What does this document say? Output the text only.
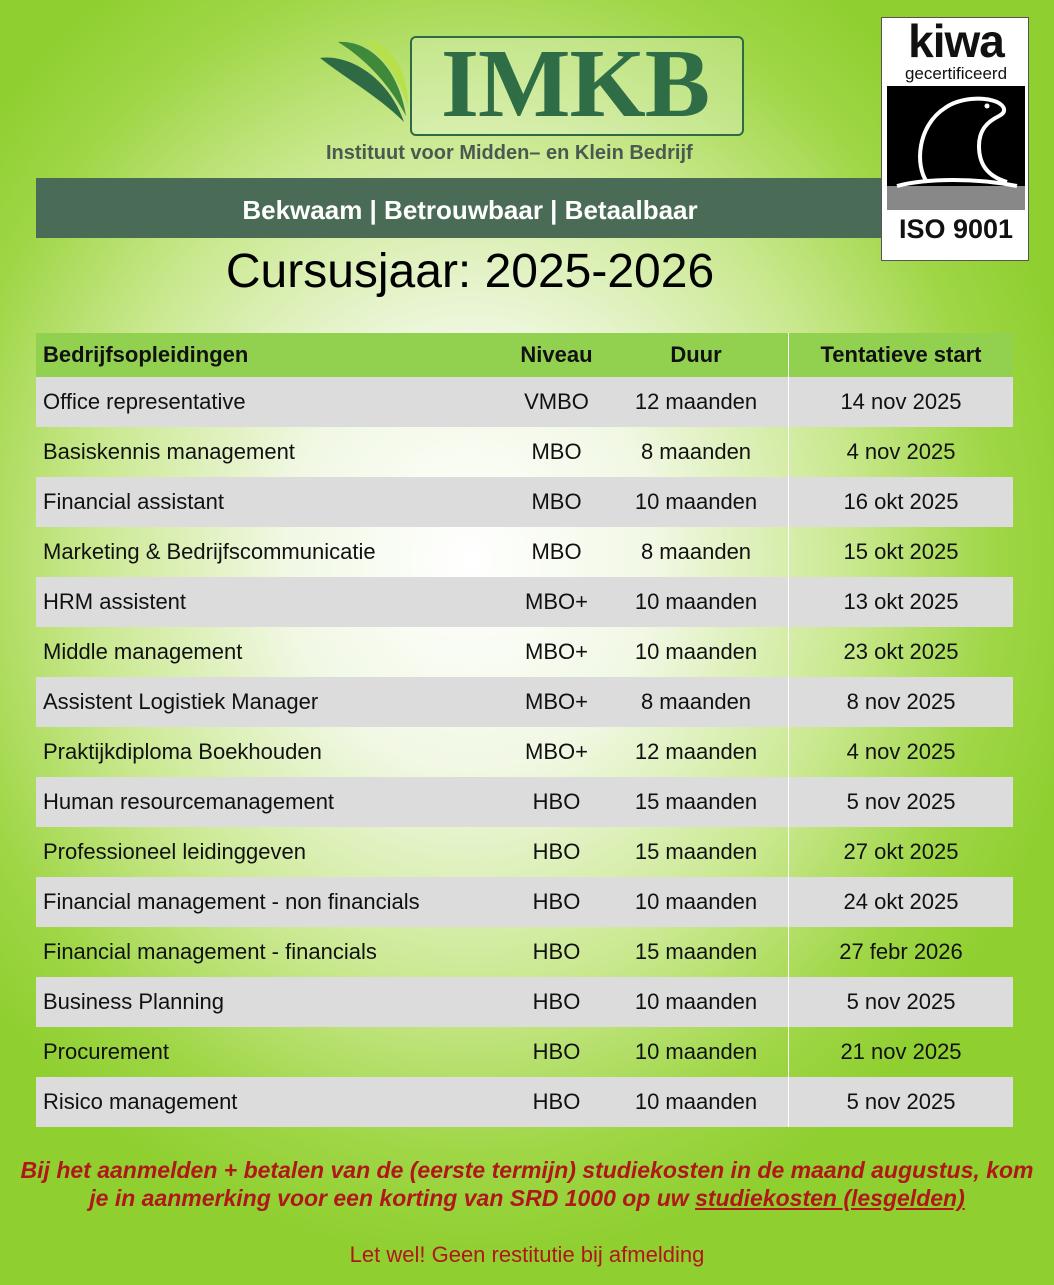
IMKB
Instituut voor Midden– en Klein Bedrijf
Bekwaam | Betrouwbaar | Betaalbaar
kiwa
gecertificeerd
ISO 9001
Cursusjaar: 2025-2026
Bedrijfsopleidingen	Niveau	Duur	Tentatieve start
Office representative	VMBO	12 maanden	14 nov 2025
Basiskennis management	MBO	8 maanden	4 nov 2025
Financial assistant	MBO	10 maanden	16 okt 2025
Marketing & Bedrijfscommunicatie	MBO	8 maanden	15 okt 2025
HRM assistent	MBO+	10 maanden	13 okt 2025
Middle management	MBO+	10 maanden	23 okt 2025
Assistent Logistiek Manager	MBO+	8 maanden	8 nov 2025
Praktijkdiploma Boekhouden	MBO+	12 maanden	4 nov 2025
Human resourcemanagement	HBO	15 maanden	5 nov 2025
Professioneel leidinggeven	HBO	15 maanden	27 okt 2025
Financial management - non financials	HBO	10 maanden	24 okt 2025
Financial management - financials	HBO	15 maanden	27 febr 2026
Business Planning	HBO	10 maanden	5 nov 2025
Procurement	HBO	10 maanden	21 nov 2025
Risico management	HBO	10 maanden	5 nov 2025
Bij het aanmelden + betalen van de (eerste termijn) studiekosten in de maand augustus, kom je in aanmerking voor een korting van SRD 1000 op uw studiekosten (lesgelden)
Let wel! Geen restitutie bij afmelding
